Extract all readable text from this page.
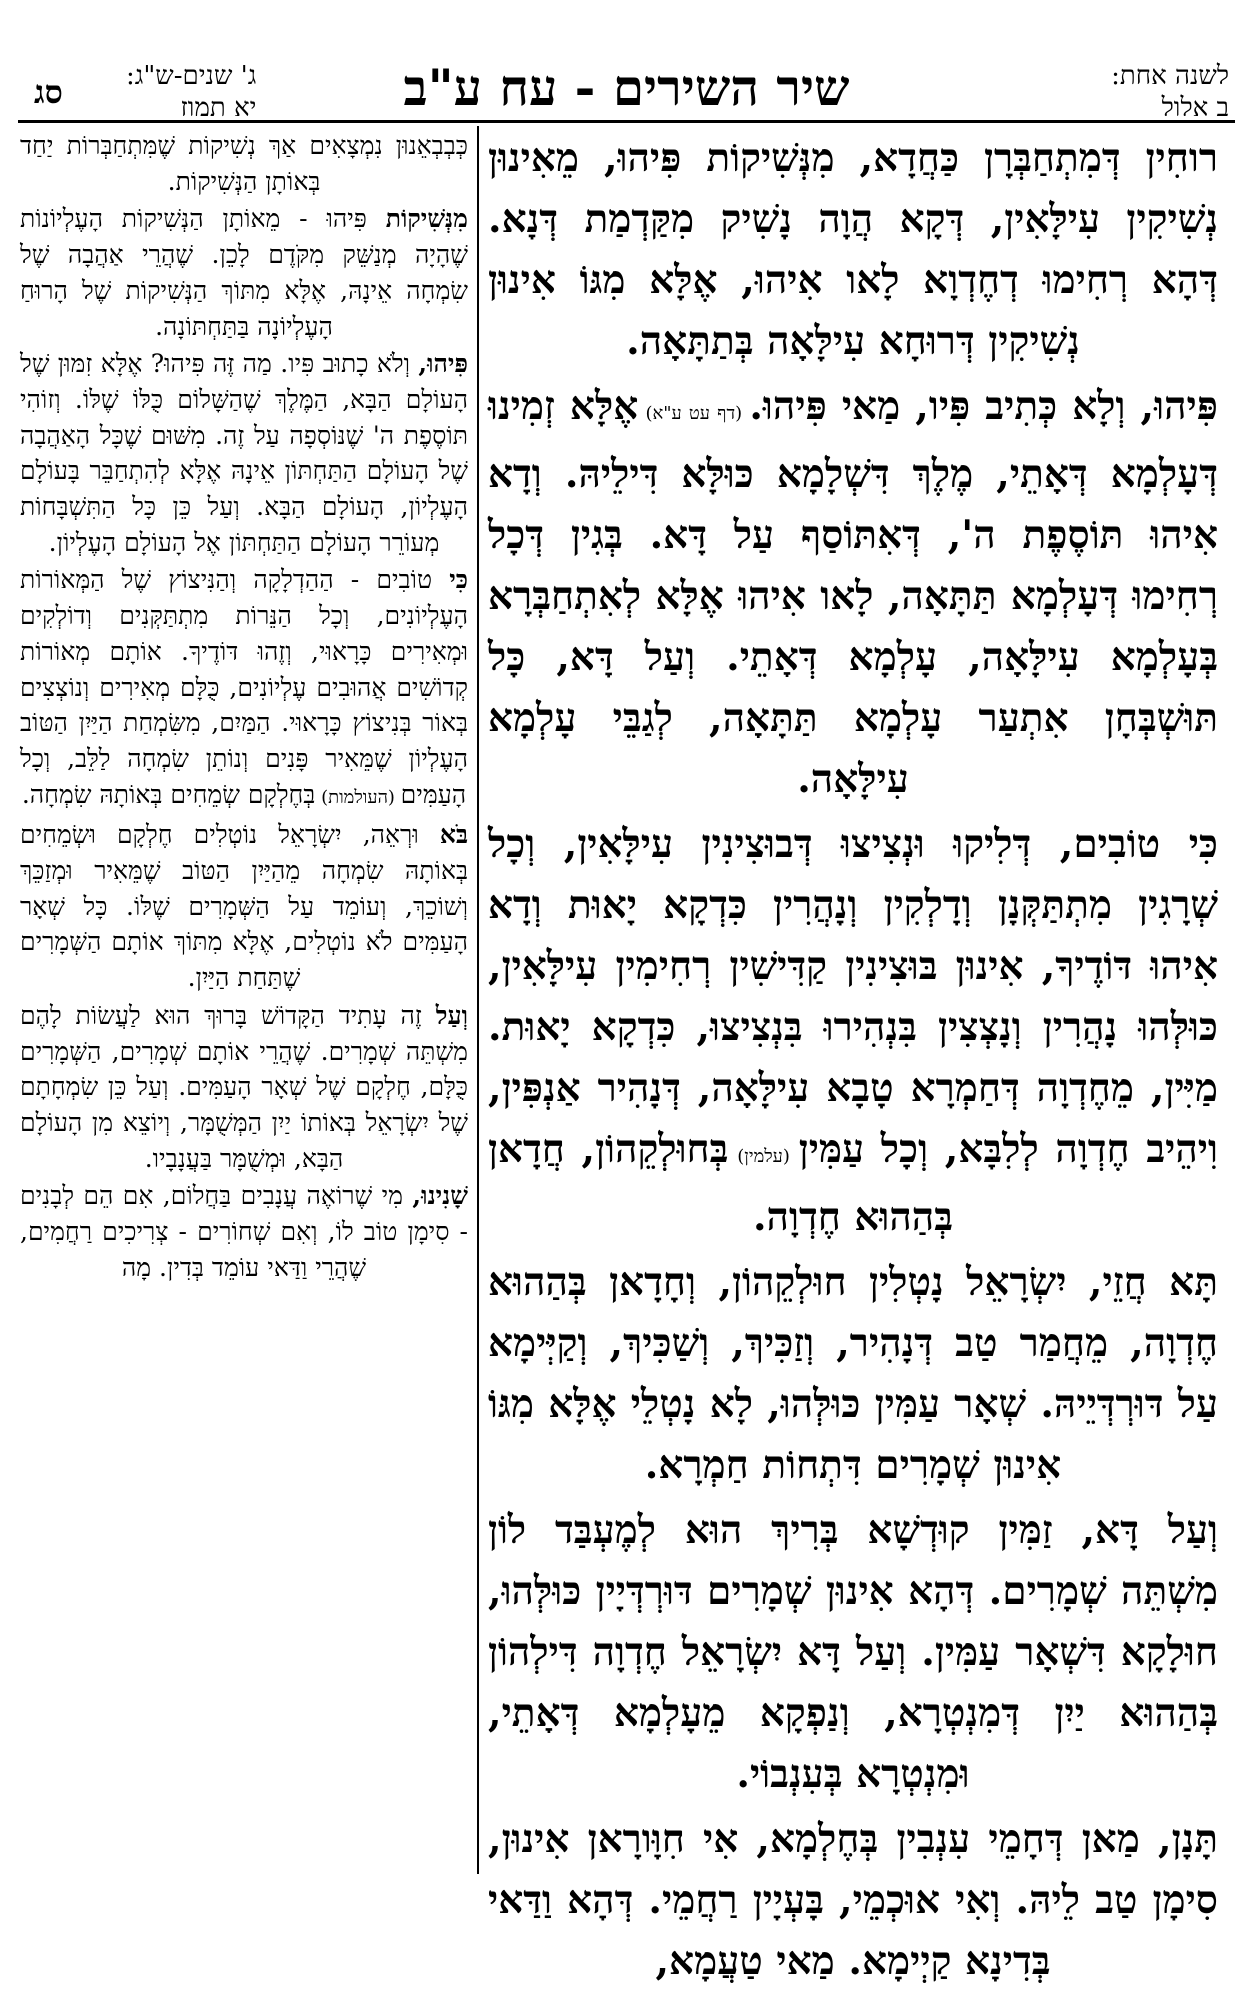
לשנה אחת:
ב אלול
שיר השירים - עח ע"ב
ג' שנים-ש"ג:
יא תמוז
סג

רוחִין דְּמִתְחַבְּרָן כַּחֲדָא, מִנְּשִׁיקוֹת פִּיהוּ, מֵאִינוּן נְשִׁיקִין עִילָּאִין, דְּקָא הֲוָה נָשִׁיק מִקַּדְמַת דְּנָא. דְּהָא רְחִימוּ דְחֶדְוָא לָאו אִיהוּ, אֶלָּא מִגּוֹ אִינוּן נְשִׁיקִין דְּרוּחָא עִילָּאָה בְּתַתָּאָה.

פִּיהוּ, וְלָא כְּתִיב פִּיו, מַאי פִּיהוּ. (דף עט ע"א) אֶלָּא זְמִינוּ דְּעָלְמָא דְּאָתֵי, מֶלֶךְ דִּשְׁלָמָא כּוּלָּא דִּילֵיהּ. וְדָא אִיהוּ תּוֹסֶפֶת ה', דְּאִתּוֹסַף עַל דָּא. בְּגִין דְּכָל רְחִימוּ דְּעָלְמָא תַּתָּאָה, לָאו אִיהוּ אֶלָּא לְאִתְחַבְּרָא בְּעָלְמָא עִילָּאָה, עָלְמָא דְּאָתֵי. וְעַל דָּא, כָּל תּוּשְׁבְּחָן אִתְעַר עָלְמָא תַּתָּאָה, לְגַבֵּי עָלְמָא עִילָּאָה.

כִּי טוֹבִים, דְּלִיקוּ וּנְצִיצוּ דְּבוּצִינִין עִילָּאִין, וְכָל שְׁרָגִין מִתְתַּקְּנָן וְדָלְקִין וְנָהֲרִין כִּדְקָא יָאוּת וְדָא אִיהוּ דּוֹדֶיךָ, אִינוּן בּוּצִינִין קַדִּישִׁין רְחִימִין עִילָּאִין, כּוּלְּהוּ נָהֲרִין וְנָצְצִין בִּנְהִירוּ בִּנְצִיצוּ, כִּדְקָא יָאוּת. מַיִּין, מֵחֶדְוָה דְּחַמְרָא טָבָא עִילָּאָה, דְּנָהִיר אַנְפִּין, וִיהֵיב חֶדְוָה לְלִבָּא, וְכָל עַמִּין (עלמין) בְּחוּלְקֵהוֹן, חֲדָאן בְּהַהוּא חֶדְוָה.

תָּא חֲזֵי, יִשְׂרָאֵל נָטְלִין חוּלְקֵהוֹן, וְחָדָאן בְּהַהוּא חֶדְוָה, מֵחֲמַר טַב דְּנָהִיר, וְזַכִּיךְ, וְשַׁכִּיךְ, וְקַיְּימָא עַל דּוּרְדְּיֵיהּ. שְׁאָר עַמִּין כּוּלְּהוּ, לָא נָטְלֵי אֶלָּא מִגּוֹ אִינוּן שְׁמָרִים דִּתְחוֹת חַמְרָא.

וְעַל דָּא, זַמִּין קוּדְשָׁא בְּרִיךְ הוּא לְמֶעְבַּד לוֹן מִשְׁתֵּה שְׁמָרִים. דְּהָא אִינוּן שְׁמָרִים דּוּרְדְּיָין כּוּלְּהוּ, חוּלָקָא דִּשְׁאָר עַמִּין. וְעַל דָּא יִשְׂרָאֵל חֶדְוָה דִּילְהוֹן בְּהַהוּא יַיִן דְּמִנְטְרָא, וְנַפְקָא מֵעָלְמָא דְּאָתֵי, וּמִנְטְרָא בְּעִנְבוֹי.

תָּנָן, מַאן דְּחָמֵי עִנְבִין בְּחֶלְמָא, אִי חִוָּורָאן אִינוּן, סִימָן טַב לֵיהּ. וְאִי אוּכְמֵי, בָּעְיָין רַחֲמֵי. דְּהָא וַדַּאי בְּדִינָא קַיְימָא. מַאי טַעֲמָא,

כְּבְבְאֵנוּן נִמְצָאִים אַךְ נְשִׁיקוֹת שֶׁמִּתְחַבְּרוֹת יַחַד בְּאוֹתָן הַנְּשִׁיקוֹת.

מִנְּשִׁיקוֹת פִּיהוּ - מֵאוֹתָן הַנְּשִׁיקוֹת הָעֶלְיוֹנוֹת שֶׁהָיָה מְנַשֵּׁק מִקֹּדֶם לָכֵן. שֶׁהֲרֵי אַהֲבָה שֶׁל שִׂמְחָה אֵינָהּ, אֶלָּא מִתּוֹךְ הַנְּשִׁיקוֹת שֶׁל הָרוּחַ הָעֶלְיוֹנָה בַּתַּחְתּוֹנָה.

פִּיהוּ, וְלֹא כָתוּב פִּיו. מַה זֶּה פִּיהוּ? אֶלָּא זִמּוּן שֶׁל הָעוֹלָם הַבָּא, הַמֶּלֶךְ שֶׁהַשָּׁלוֹם כֻּלּוֹ שֶׁלּוֹ. וְזוֹהִי תּוֹסֶפֶת ה' שֶׁנּוֹסְפָה עַל זֶה. מִשּׁוּם שֶׁכָּל הָאַהֲבָה שֶׁל הָעוֹלָם הַתַּחְתּוֹן אֵינָהּ אֶלָּא לְהִתְחַבֵּר בָּעוֹלָם הָעֶלְיוֹן, הָעוֹלָם הַבָּא. וְעַל כֵּן כָּל הַתִּשְׁבָּחוֹת מְעוֹרֵר הָעוֹלָם הַתַּחְתּוֹן אֶל הָעוֹלָם הָעֶלְיוֹן.

כִּי טוֹבִים - הַהַדְלָקָה וְהַנִּיצוֹץ שֶׁל הַמְּאוֹרוֹת הָעֶלְיוֹנִים, וְכָל הַנֵּרוֹת מִתְתַּקְּנִים וְדוֹלְקִים וּמְאִירִים כָּרָאוּי, וְזֶהוּ דּוֹדֶיךָ. אוֹתָם מְאוֹרוֹת קְדוֹשִׁים אֲהוּבִים עֶלְיוֹנִים, כֻּלָּם מְאִירִים וְנוֹצְצִים בְּאוֹר בְּנִיצוֹץ כָּרָאוּי. הַמַּיִם, מִשִּׂמְחַת הַיַּיִן הַטּוֹב הָעֶלְיוֹן שֶׁמֵּאִיר פָּנִים וְנוֹתֵן שִׂמְחָה לַלֵּב, וְכָל הָעַמִּים (העולמות) בְּחֶלְקָם שְׂמֵחִים בְּאוֹתָהּ שִׂמְחָה.

בֹּא וּרְאֵה, יִשְׂרָאֵל נוֹטְלִים חֶלְקָם וּשְׂמֵחִים בְּאוֹתָהּ שִׂמְחָה מֵהַיַּיִן הַטּוֹב שֶׁמֵּאִיר וּמְזַכֵּךְ וְשׁוֹכֵךְ, וְעוֹמֵד עַל הַשְּׁמָרִים שֶׁלּוֹ. כָּל שְׁאָר הָעַמִּים לֹא נוֹטְלִים, אֶלָּא מִתּוֹךְ אוֹתָם הַשְּׁמָרִים שֶׁתַּחַת הַיַּיִן.

וְעַל זֶה עָתִיד הַקָּדוֹשׁ בָּרוּךְ הוּא לַעֲשׂוֹת לָהֶם מִשְׁתֵּה שְׁמָרִים. שֶׁהֲרֵי אוֹתָם שְׁמָרִים, הַשְּׁמָרִים כֻּלָּם, חֶלְקָם שֶׁל שְׁאָר הָעַמִּים. וְעַל כֵּן שִׂמְחָתָם שֶׁל יִשְׂרָאֵל בְּאוֹתוֹ יַיִן הַמְּשֻׁמָּר, וְיוֹצֵא מִן הָעוֹלָם הַבָּא, וּמְשֻׁמָּר בַּעֲנָבָיו.

שָׁנִינוּ, מִי שֶׁרוֹאֶה עֲנָבִים בַּחֲלוֹם, אִם הֵם לְבָנִים - סִימָן טוֹב לוֹ, וְאִם שְׁחוֹרִים - צְרִיכִים רַחֲמִים, שֶׁהֲרֵי וַדַּאי עוֹמֵד בְּדִין. מָה
